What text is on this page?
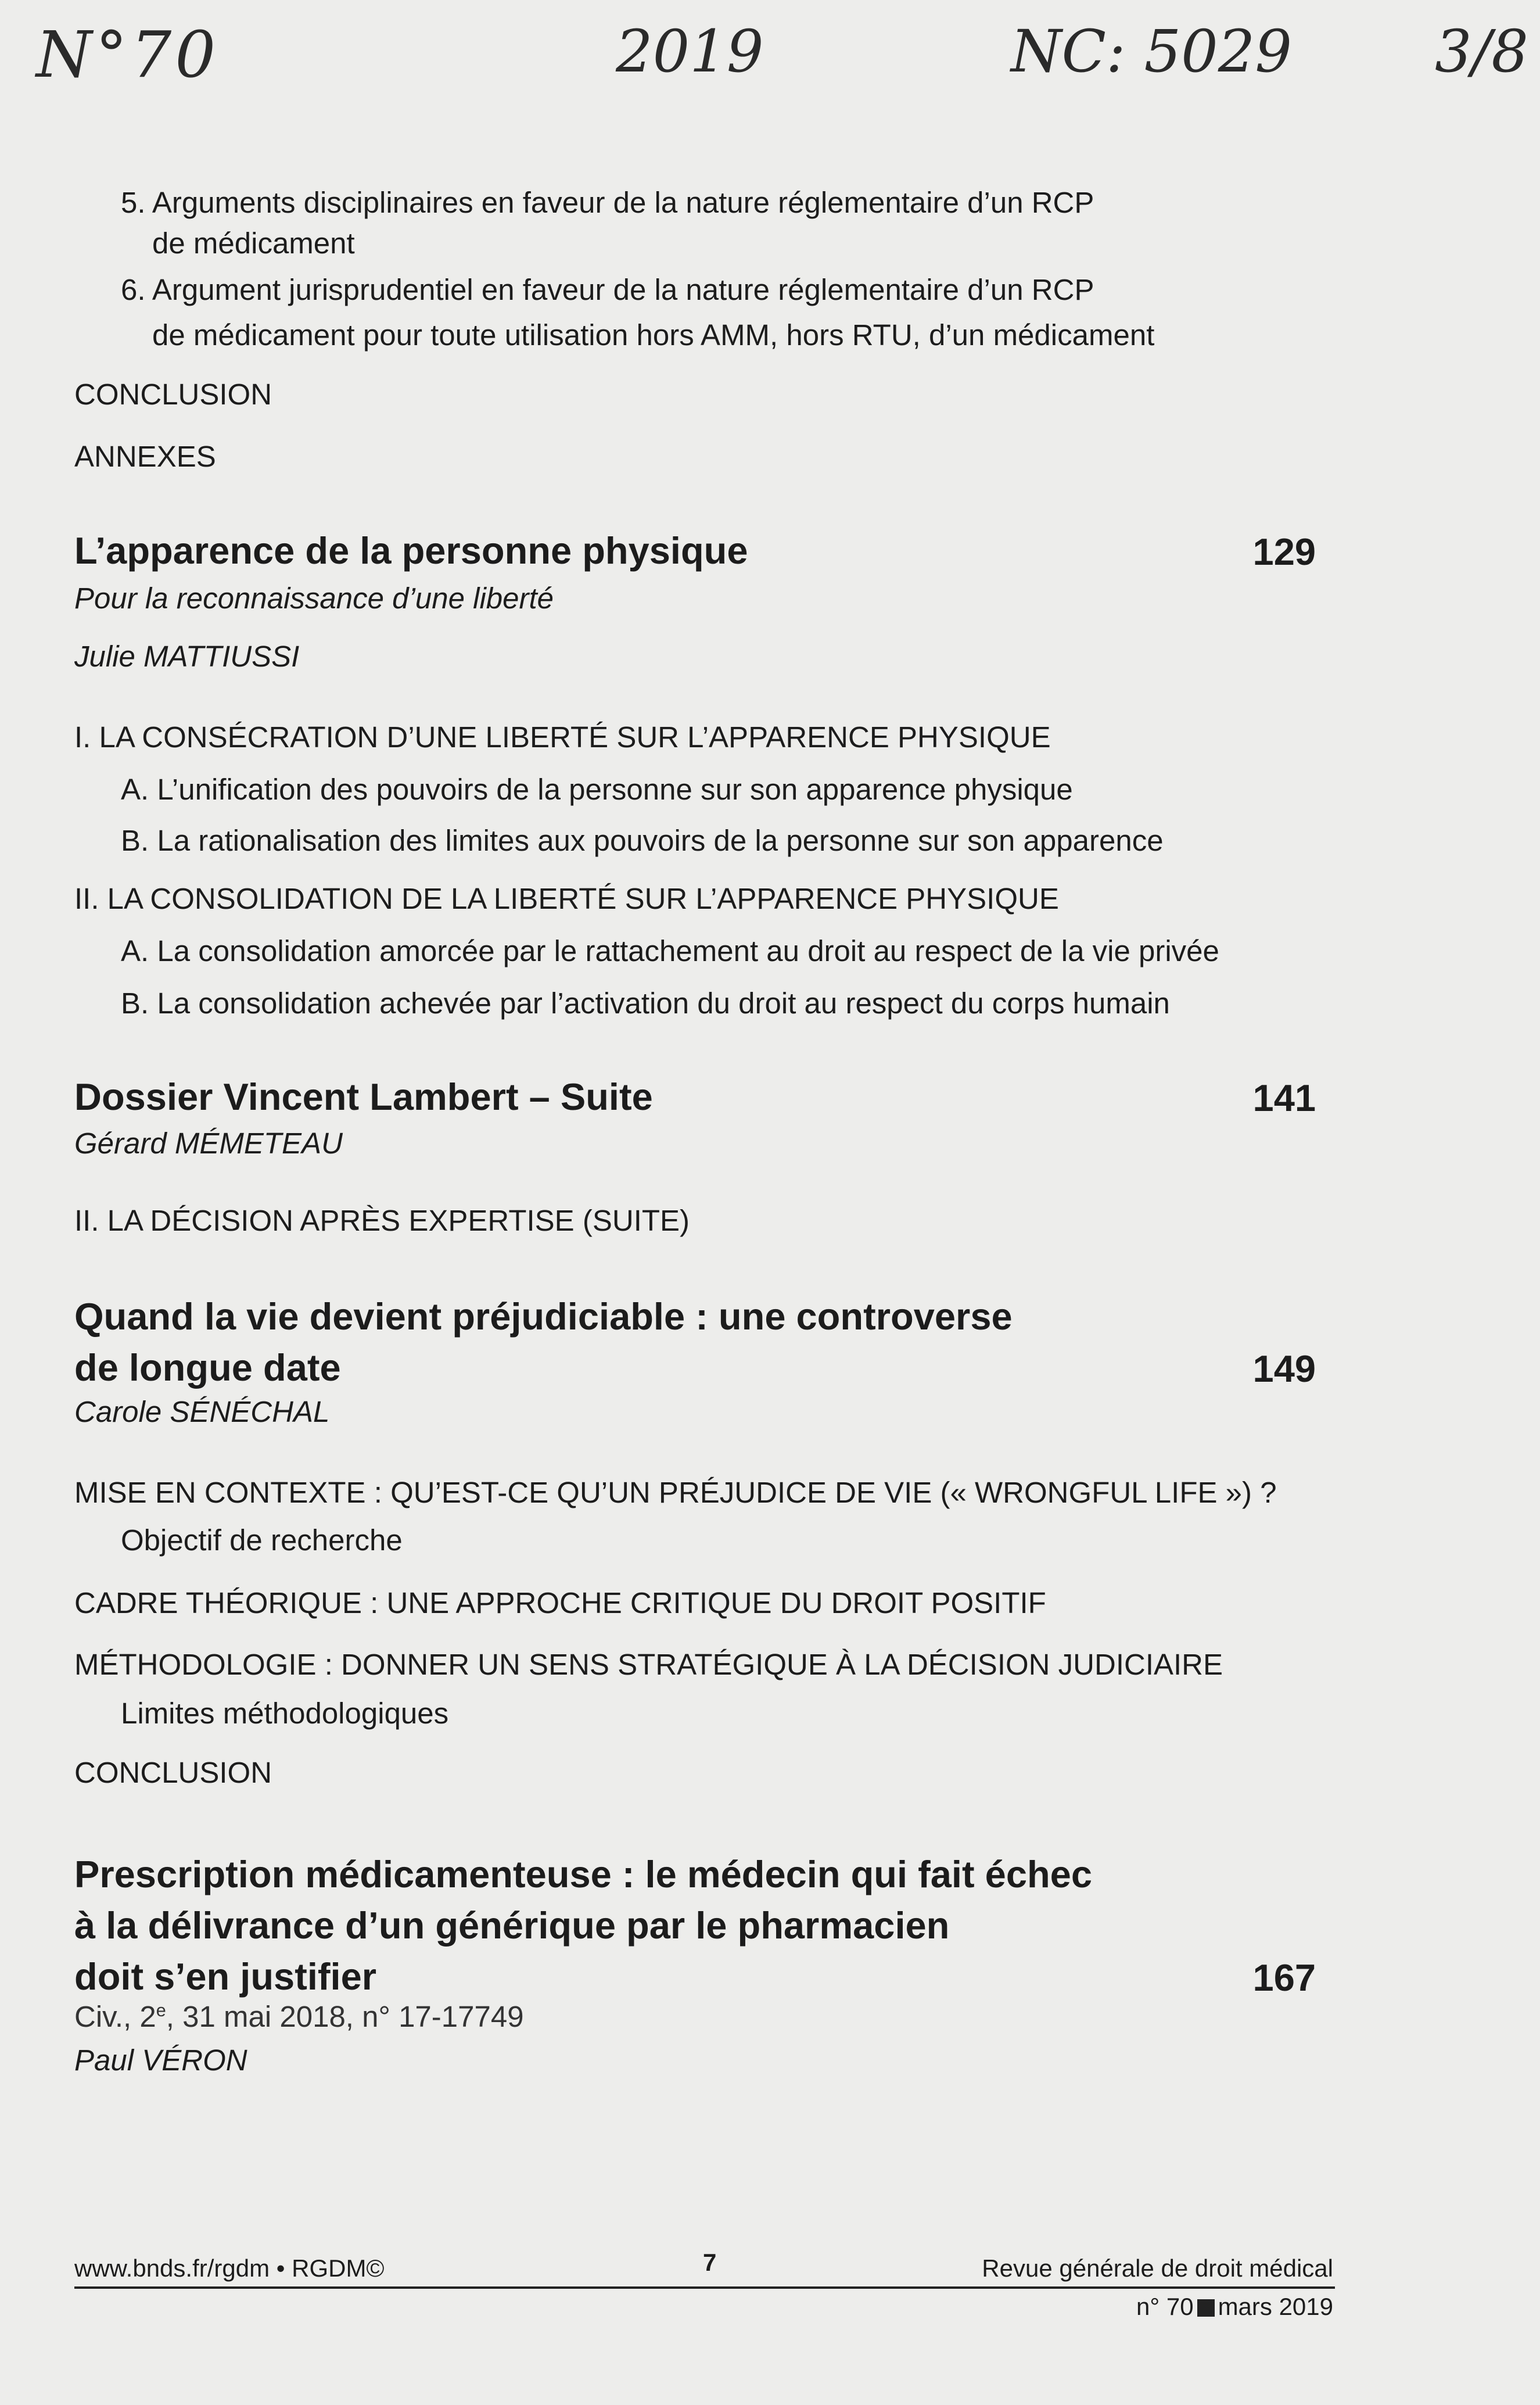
N°70	2019	NC: 5029 3/8
5. Arguments disciplinaires en faveur de la nature réglementaire d’un RCP
de médicament
6. Argument jurisprudentiel en faveur de la nature réglementaire d’un RCP
de médicament pour toute utilisation hors AMM, hors RTU, d’un médicament
CONCLUSION
ANNEXES
L’apparence de la personne physique	129
Pour la reconnaissance d’une liberté
Julie MATTIUSSI
I. LA CONSÉCRATION D’UNE LIBERTÉ SUR L’APPARENCE PHYSIQUE
A. L’unification des pouvoirs de la personne sur son apparence physique
B. La rationalisation des limites aux pouvoirs de la personne sur son apparence
II. LA CONSOLIDATION DE LA LIBERTÉ SUR L’APPARENCE PHYSIQUE
A. La consolidation amorcée par le rattachement au droit au respect de la vie privée
B. La consolidation achevée par l’activation du droit au respect du corps humain
Dossier Vincent Lambert – Suite	141
Gérard MÉMETEAU
II. LA DÉCISION APRÈS EXPERTISE (SUITE)
Quand la vie devient préjudiciable : une controverse
de longue date	149
Carole SÉNÉCHAL
MISE EN CONTEXTE : QU’EST-CE QU’UN PRÉJUDICE DE VIE (« WRONGFUL LIFE ») ?
Objectif de recherche
CADRE THÉORIQUE : UNE APPROCHE CRITIQUE DU DROIT POSITIF
MÉTHODOLOGIE : DONNER UN SENS STRATÉGIQUE À LA DÉCISION JUDICIAIRE
Limites méthodologiques
CONCLUSION
Prescription médicamenteuse : le médecin qui fait échec
à la délivrance d’un générique par le pharmacien
doit s’en justifier	167
Civ., 2e, 31 mai 2018, n° 17-17749
Paul VÉRON
www.bnds.fr/rgdm • RGDM©	7	Revue générale de droit médical
n° 70 mars 2019
